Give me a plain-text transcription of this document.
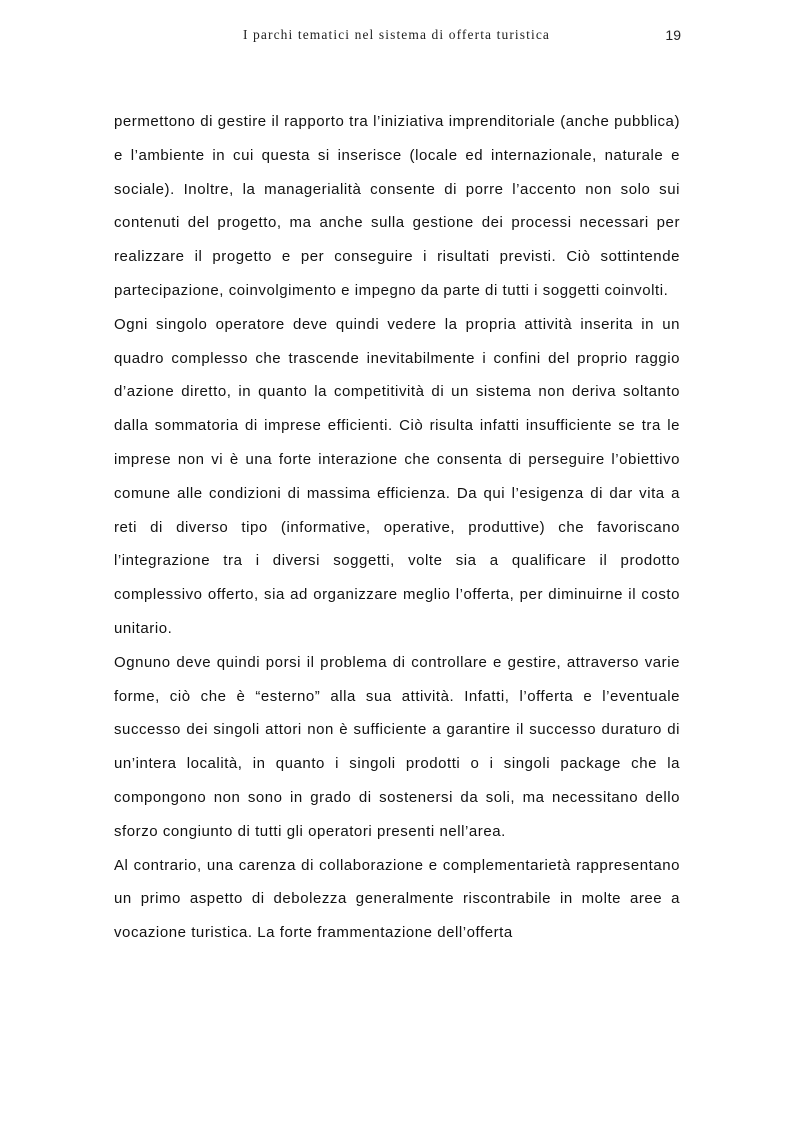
I parchi tematici nel sistema di offerta turistica	19

permettono di gestire il rapporto tra l’iniziativa imprenditoriale (anche pubblica) e l’ambiente in cui questa si inserisce (locale ed internazionale, naturale e sociale). Inoltre, la managerialità consente di porre l’accento non solo sui contenuti del progetto, ma anche sulla gestione dei processi necessari per realizzare il progetto e per conseguire i risultati previsti. Ciò sottintende partecipazione, coinvolgimento e impegno da parte di tutti i soggetti coinvolti.

Ogni singolo operatore deve quindi vedere la propria attività inserita in un quadro complesso che trascende inevitabilmente i confini del proprio raggio d’azione diretto, in quanto la competitività di un sistema non deriva soltanto dalla sommatoria di imprese efficienti. Ciò risulta infatti insufficiente se tra le imprese non vi è una forte interazione che consenta di perseguire l’obiettivo comune alle condizioni di massima efficienza. Da qui l’esigenza di dar vita a reti di diverso tipo (informative, operative, produttive) che favoriscano l’integrazione tra i diversi soggetti, volte sia a qualificare il prodotto complessivo offerto, sia ad organizzare meglio l’offerta, per diminuirne il costo unitario.

Ognuno deve quindi porsi il problema di controllare e gestire, attraverso varie forme, ciò che è “esterno” alla sua attività. Infatti, l’offerta e l’eventuale successo dei singoli attori non è sufficiente a garantire il successo duraturo di un’intera località, in quanto i singoli prodotti o i singoli package che la compongono non sono in grado di sostenersi da soli, ma necessitano dello sforzo congiunto di tutti gli operatori presenti nell’area.

Al contrario, una carenza di collaborazione e complementarietà rappresentano un primo aspetto di debolezza generalmente riscontrabile in molte aree a vocazione turistica. La forte frammentazione dell’offerta
